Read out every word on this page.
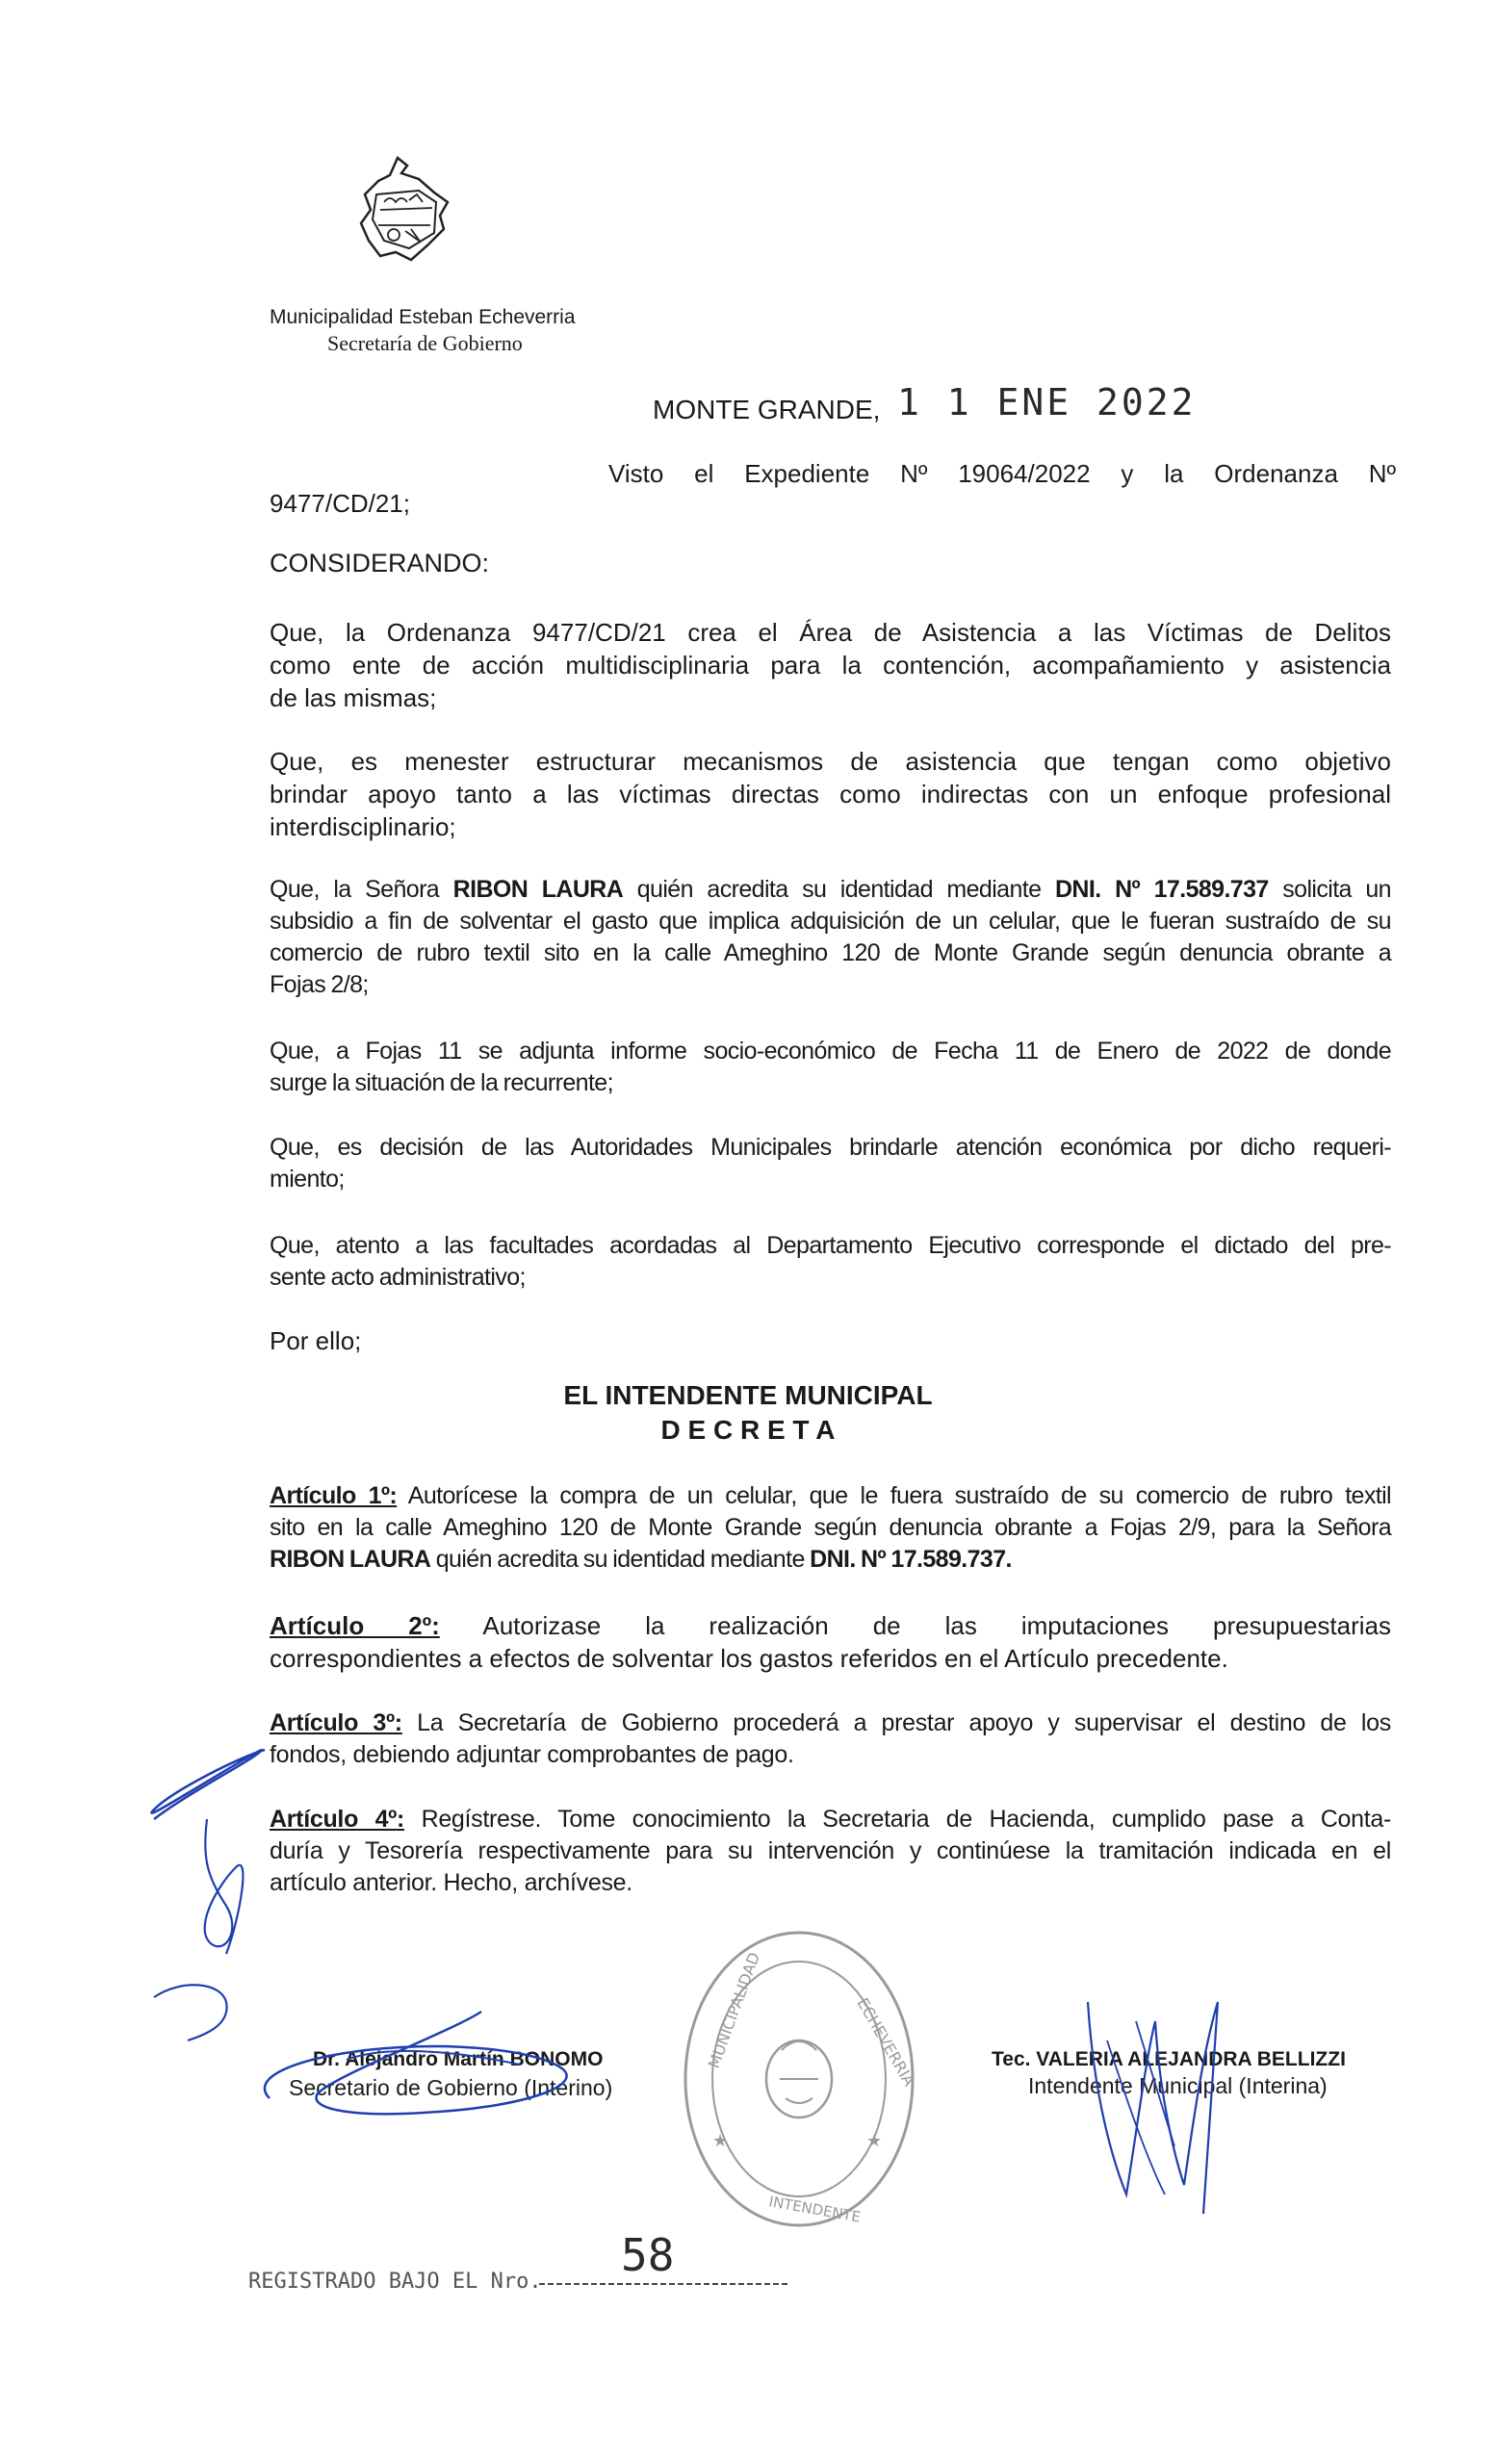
Municipalidad Esteban Echeverria
Secretaría de Gobierno
MONTE GRANDE, 1 1 ENE 2022
Visto el Expediente Nº 19064/2022 y la Ordenanza Nº
9477/CD/21;
CONSIDERANDO:
Que, la Ordenanza 9477/CD/21 crea el Área de Asistencia a las Víctimas de Delitos
como ente de acción multidisciplinaria para la contención, acompañamiento y asistencia
de las mismas;
Que, es menester estructurar mecanismos de asistencia que tengan como objetivo
brindar apoyo tanto a las víctimas directas como indirectas con un enfoque profesional
interdisciplinario;
Que, la Señora RIBON LAURA quién acredita su identidad mediante DNI. Nº 17.589.737 solicita un
subsidio a fin de solventar el gasto que implica adquisición de un celular, que le fueran sustraído de su
comercio de rubro textil sito en la calle Ameghino 120 de Monte Grande según denuncia obrante a
Fojas 2/8;
Que, a Fojas 11 se adjunta informe socio-económico de Fecha 11 de Enero de 2022 de donde
surge la situación de la recurrente;
Que, es decisión de las Autoridades Municipales brindarle atención económica por dicho requeri-
miento;
Que, atento a las facultades acordadas al Departamento Ejecutivo corresponde el dictado del pre-
sente acto administrativo;
Por ello;
EL INTENDENTE MUNICIPAL
D E C R E T A
Artículo 1º: Autorícese la compra de un celular, que le fuera sustraído de su comercio de rubro textil
sito en la calle Ameghino 120 de Monte Grande según denuncia obrante a Fojas 2/9, para la Señora
RIBON LAURA quién acredita su identidad mediante DNI. Nº 17.589.737.
Artículo 2º: Autorizase la realización de las imputaciones presupuestarias
correspondientes a efectos de solventar los gastos referidos en el Artículo precedente.
Artículo 3º: La Secretaría de Gobierno procederá a prestar apoyo y supervisar el destino de los
fondos, debiendo adjuntar comprobantes de pago.
Artículo 4º: Regístrese. Tome conocimiento la Secretaria de Hacienda, cumplido pase a Conta-
duría y Tesorería respectivamente para su intervención y continúese la tramitación indicada en el
artículo anterior. Hecho, archívese.
MUNICIPALIDAD	ECHEVERRIA
INTENDENTE
★	★
Dr. Alejandro Martín BONOMO
Secretario de Gobierno (Interino)
Tec. VALERIA ALEJANDRA BELLIZZI
Intendente Municipal (Interina)
REGISTRADO BAJO EL Nro.
58
